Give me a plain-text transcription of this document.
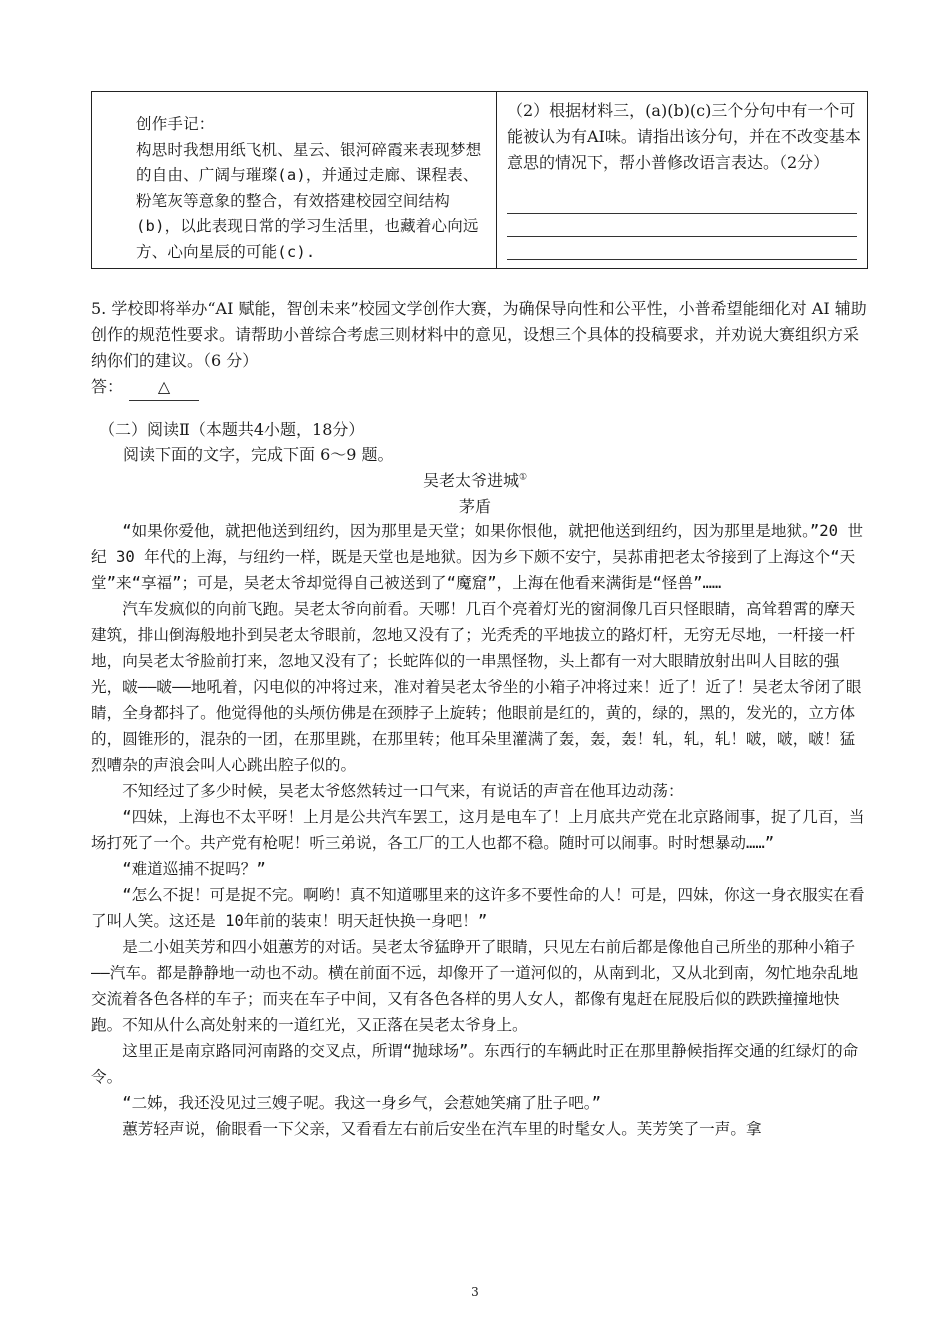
创作手记：
构思时我想用纸飞机、星云、银河碎霞来表现梦想的自由、广阔与璀璨(a)，并通过走廊、课程表、粉笔灰等意象的整合，有效搭建校园空间结构(b)，以此表现日常的学习生活里，也藏着心向远方、心向星辰的可能(c).
（2）根据材料三，(a)(b)(c)三个分句中有一个可能被认为有AI味。请指出该分句，并在不改变基本意思的情况下，帮小普修改语言表达。（2分）
5. 学校即将举办“AI 赋能，智创未来”校园文学创作大赛，为确保导向性和公平性，小普希望能细化对 AI 辅助创作的规范性要求。请帮助小普综合考虑三则材料中的意见，设想三个具体的投稿要求，并劝说大赛组织方采纳你们的建议。（6 分）
答： △
（二）阅读Ⅱ（本题共4小题，18分）
阅读下面的文字，完成下面 6～9 题。
吴老太爷进城①
茅盾

“如果你爱他，就把他送到纽约，因为那里是天堂；如果你恨他，就把他送到纽约，因为那里是地狱。”20 世纪 30 年代的上海，与纽约一样，既是天堂也是地狱。因为乡下颇不安宁，吴荪甫把老太爷接到了上海这个“天堂”来“享福”；可是，吴老太爷却觉得自己被送到了“魔窟”，上海在他看来满街是“怪兽”……

汽车发疯似的向前飞跑。吴老太爷向前看。天哪！几百个亮着灯光的窗洞像几百只怪眼睛，高耸碧霄的摩天建筑，排山倒海般地扑到吴老太爷眼前，忽地又没有了；光秃秃的平地拔立的路灯杆，无穷无尽地，一杆接一杆地，向吴老太爷脸前打来，忽地又没有了；长蛇阵似的一串黑怪物，头上都有一对大眼睛放射出叫人目眩的强光，啵——啵——地吼着，闪电似的冲将过来，准对着吴老太爷坐的小箱子冲将过来！近了！近了！吴老太爷闭了眼睛，全身都抖了。他觉得他的头颅仿佛是在颈脖子上旋转；他眼前是红的，黄的，绿的，黑的，发光的，立方体的，圆锥形的，混杂的一团，在那里跳，在那里转；他耳朵里灌满了轰，轰，轰！轧，轧，轧！啵，啵，啵！猛烈嘈杂的声浪会叫人心跳出腔子似的。

不知经过了多少时候，吴老太爷悠然转过一口气来，有说话的声音在他耳边动荡：

“四妹，上海也不太平呀！上月是公共汽车罢工，这月是电车了！上月底共产党在北京路闹事，捉了几百，当场打死了一个。共产党有枪呢！听三弟说，各工厂的工人也都不稳。随时可以闹事。时时想暴动……”

“难道巡捕不捉吗？”

“怎么不捉！可是捉不完。啊哟！真不知道哪里来的这许多不要性命的人！可是，四妹，你这一身衣服实在看了叫人笑。这还是 10年前的装束！明天赶快换一身吧！”

是二小姐芙芳和四小姐蕙芳的对话。吴老太爷猛睁开了眼睛，只见左右前后都是像他自己所坐的那种小箱子——汽车。都是静静地一动也不动。横在前面不远，却像开了一道河似的，从南到北，又从北到南，匆忙地杂乱地交流着各色各样的车子；而夹在车子中间，又有各色各样的男人女人，都像有鬼赶在屁股后似的跌跌撞撞地快跑。不知从什么高处射来的一道红光，又正落在吴老太爷身上。

这里正是南京路同河南路的交叉点，所谓“抛球场”。东西行的车辆此时正在那里静候指挥交通的红绿灯的命令。

“二姊，我还没见过三嫂子呢。我这一身乡气，会惹她笑痛了肚子吧。”

蕙芳轻声说，偷眼看一下父亲，又看看左右前后安坐在汽车里的时髦女人。芙芳笑了一声。拿

3
